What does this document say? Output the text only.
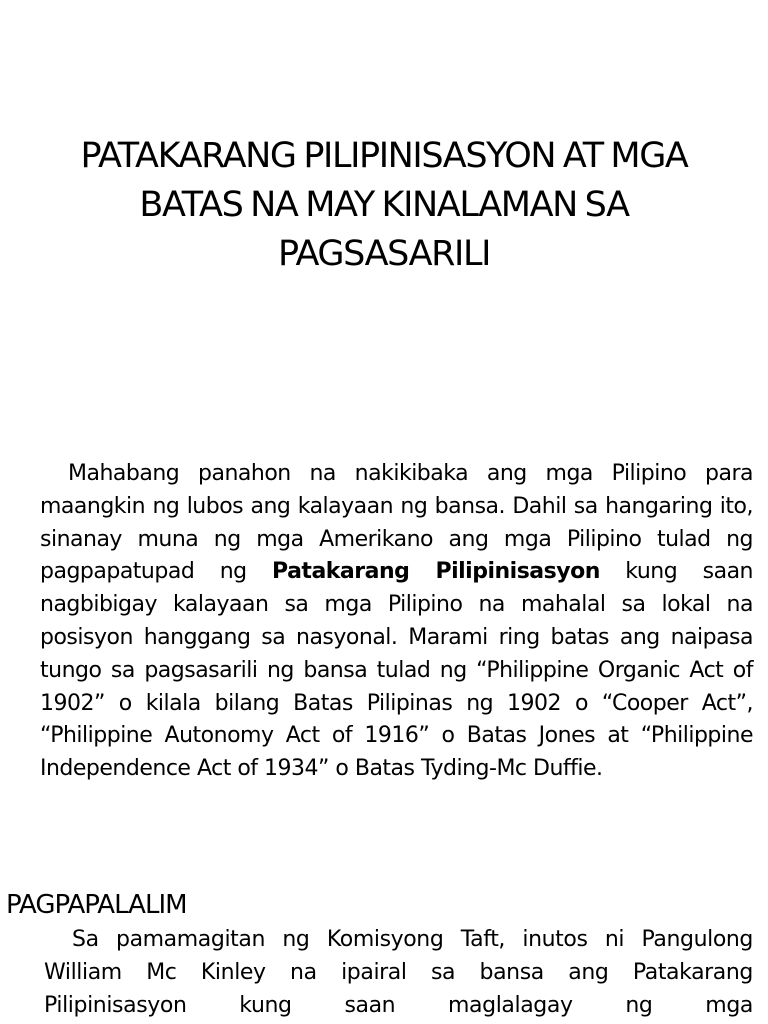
PATAKARANG PILIPINISASYON AT MGA
BATAS NA MAY KINALAMAN SA
PAGSASARILI

Mahabang panahon na nakikibaka ang mga Pilipino para maangkin ng lubos ang kalayaan ng bansa. Dahil sa hangaring ito, sinanay muna ng mga Amerikano ang mga Pilipino tulad ng pagpapatupad ng Patakarang Pilipinisasyon kung saan nagbibigay kalayaan sa mga Pilipino na mahalal sa lokal na posisyon hanggang sa nasyonal. Marami ring batas ang naipasa tungo sa pagsasarili ng bansa tulad ng “Philippine Organic Act of 1902” o kilala bilang Batas Pilipinas ng 1902 o “Cooper Act”, “Philippine Autonomy Act of 1916” o Batas Jones at “Philippine Independence Act of 1934” o Batas Tyding-Mc Duffie.

PAGPAPALALIM

Sa pamamagitan ng Komisyong Taft, inutos ni Pangulong William Mc Kinley na ipairal sa bansa ang Patakarang Pilipinisasyon kung saan maglalagay ng mga
